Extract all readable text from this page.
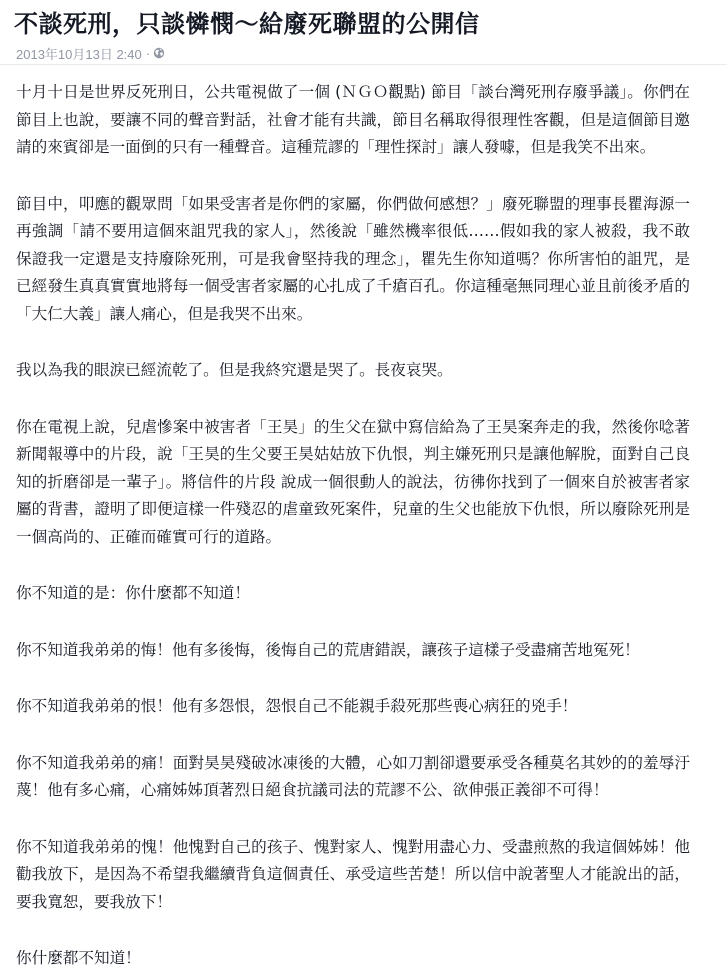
不談死刑，只談憐憫～給廢死聯盟的公開信
2013年10月13日 2:40 ·

十月十日是世界反死刑日，公共電視做了一個 (ＮＧＯ觀點) 節目「談台灣死刑存廢爭議」。你們在節目上也說，要讓不同的聲音對話，社會才能有共識，節目名稱取得很理性客觀，但是這個節目邀請的來賓卻是一面倒的只有一種聲音。這種荒謬的「理性探討」讓人發噱，但是我笑不出來。

節目中，叩應的觀眾問「如果受害者是你們的家屬，你們做何感想？」廢死聯盟的理事長瞿海源一再強調「請不要用這個來詛咒我的家人」，然後說「雖然機率很低……假如我的家人被殺，我不敢保證我一定還是支持廢除死刑，可是我會堅持我的理念」，瞿先生你知道嗎？你所害怕的詛咒，是已經發生真真實實地將每一個受害者家屬的心扎成了千瘡百孔。你這種毫無同理心並且前後矛盾的「大仁大義」讓人痛心，但是我哭不出來。

我以為我的眼淚已經流乾了。但是我終究還是哭了。長夜哀哭。

你在電視上說，兒虐慘案中被害者「王昊」的生父在獄中寫信給為了王昊案奔走的我，然後你唸著新聞報導中的片段，說「王昊的生父要王昊姑姑放下仇恨，判主嫌死刑只是讓他解脫，面對自己良知的折磨卻是一輩子」。將信件的片段 說成一個很動人的說法，彷彿你找到了一個來自於被害者家屬的背書，證明了即便這樣一件殘忍的虐童致死案件，兒童的生父也能放下仇恨，所以廢除死刑是一個高尚的、正確而確實可行的道路。

你不知道的是：你什麼都不知道！

你不知道我弟弟的悔！他有多後悔，後悔自己的荒唐錯誤，讓孩子這樣子受盡痛苦地冤死！

你不知道我弟弟的恨！他有多怨恨，怨恨自己不能親手殺死那些喪心病狂的兇手！

你不知道我弟弟的痛！面對昊昊殘破冰凍後的大體，心如刀割卻還要承受各種莫名其妙的的羞辱汙蔑！他有多心痛，心痛姊姊頂著烈日絕食抗議司法的荒謬不公、欲伸張正義卻不可得！

你不知道我弟弟的愧！他愧對自己的孩子、愧對家人、愧對用盡心力、受盡煎熬的我這個姊姊！他勸我放下，是因為不希望我繼續背負這個責任、承受這些苦楚！所以信中說著聖人才能說出的話，要我寬恕，要我放下！

你什麼都不知道！
